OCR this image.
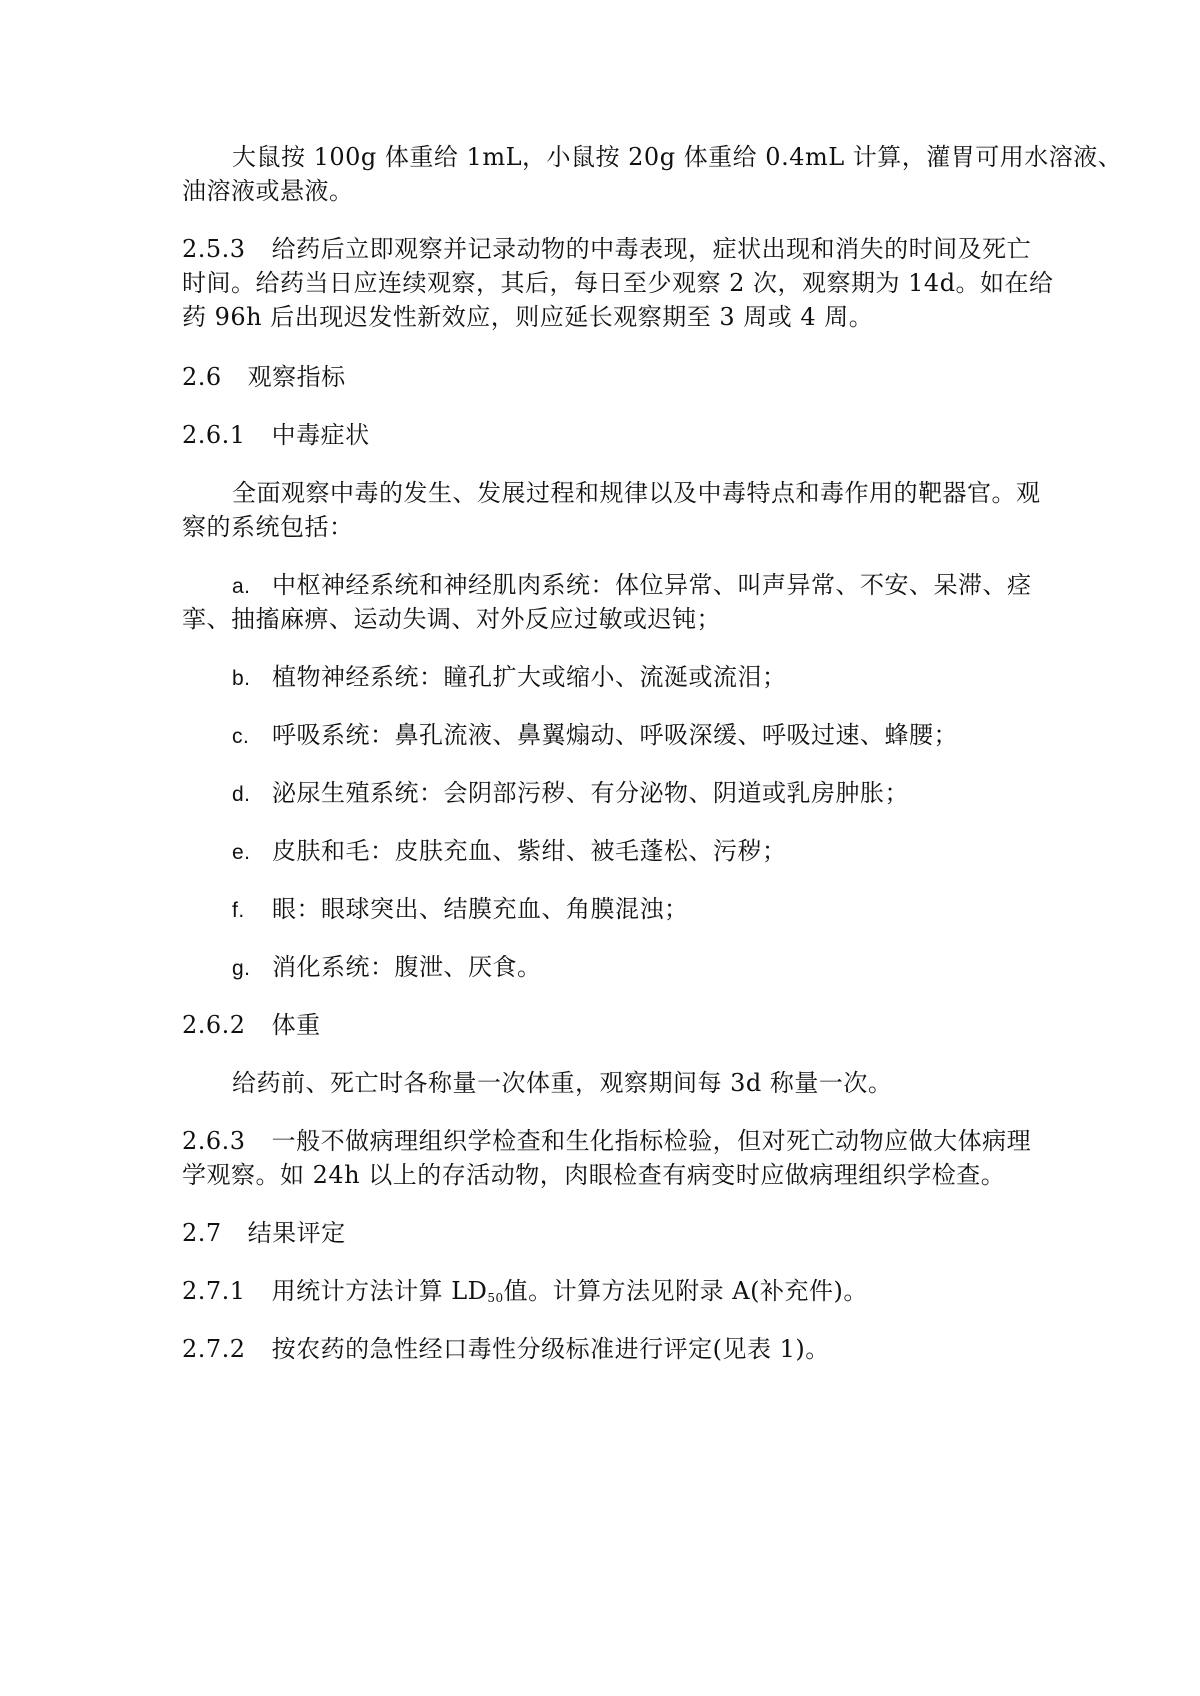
大鼠按 100g 体重给 1mL，小鼠按 20g 体重给 0.4mL 计算，灌胃可用水溶液、
油溶液或悬液。
2.5.3 给药后立即观察并记录动物的中毒表现，症状出现和消失的时间及死亡
时间。给药当日应连续观察，其后，每日至少观察 2 次，观察期为 14d。如在给
药 96h 后出现迟发性新效应，则应延长观察期至 3 周或 4 周。
2.6 观察指标
2.6.1 中毒症状
全面观察中毒的发生、发展过程和规律以及中毒特点和毒作用的靶器官。观
察的系统包括：
a. 中枢神经系统和神经肌肉系统：体位异常、叫声异常、不安、呆滞、痉
挛、抽搐麻痹、运动失调、对外反应过敏或迟钝；
b. 植物神经系统：瞳孔扩大或缩小、流涎或流泪；
c. 呼吸系统：鼻孔流液、鼻翼煽动、呼吸深缓、呼吸过速、蜂腰；
d. 泌尿生殖系统：会阴部污秽、有分泌物、阴道或乳房肿胀；
e. 皮肤和毛：皮肤充血、紫绀、被毛蓬松、污秽；
f. 眼：眼球突出、结膜充血、角膜混浊；
g. 消化系统：腹泄、厌食。
2.6.2 体重
给药前、死亡时各称量一次体重，观察期间每 3d 称量一次。
2.6.3 一般不做病理组织学检查和生化指标检验，但对死亡动物应做大体病理
学观察。如 24h 以上的存活动物，肉眼检查有病变时应做病理组织学检查。
2.7 结果评定
2.7.1 用统计方法计算 $LD_{50}$值。计算方法见附录 A(补充件)。
2.7.2 按农药的急性经口毒性分级标准进行评定(见表 1)。
